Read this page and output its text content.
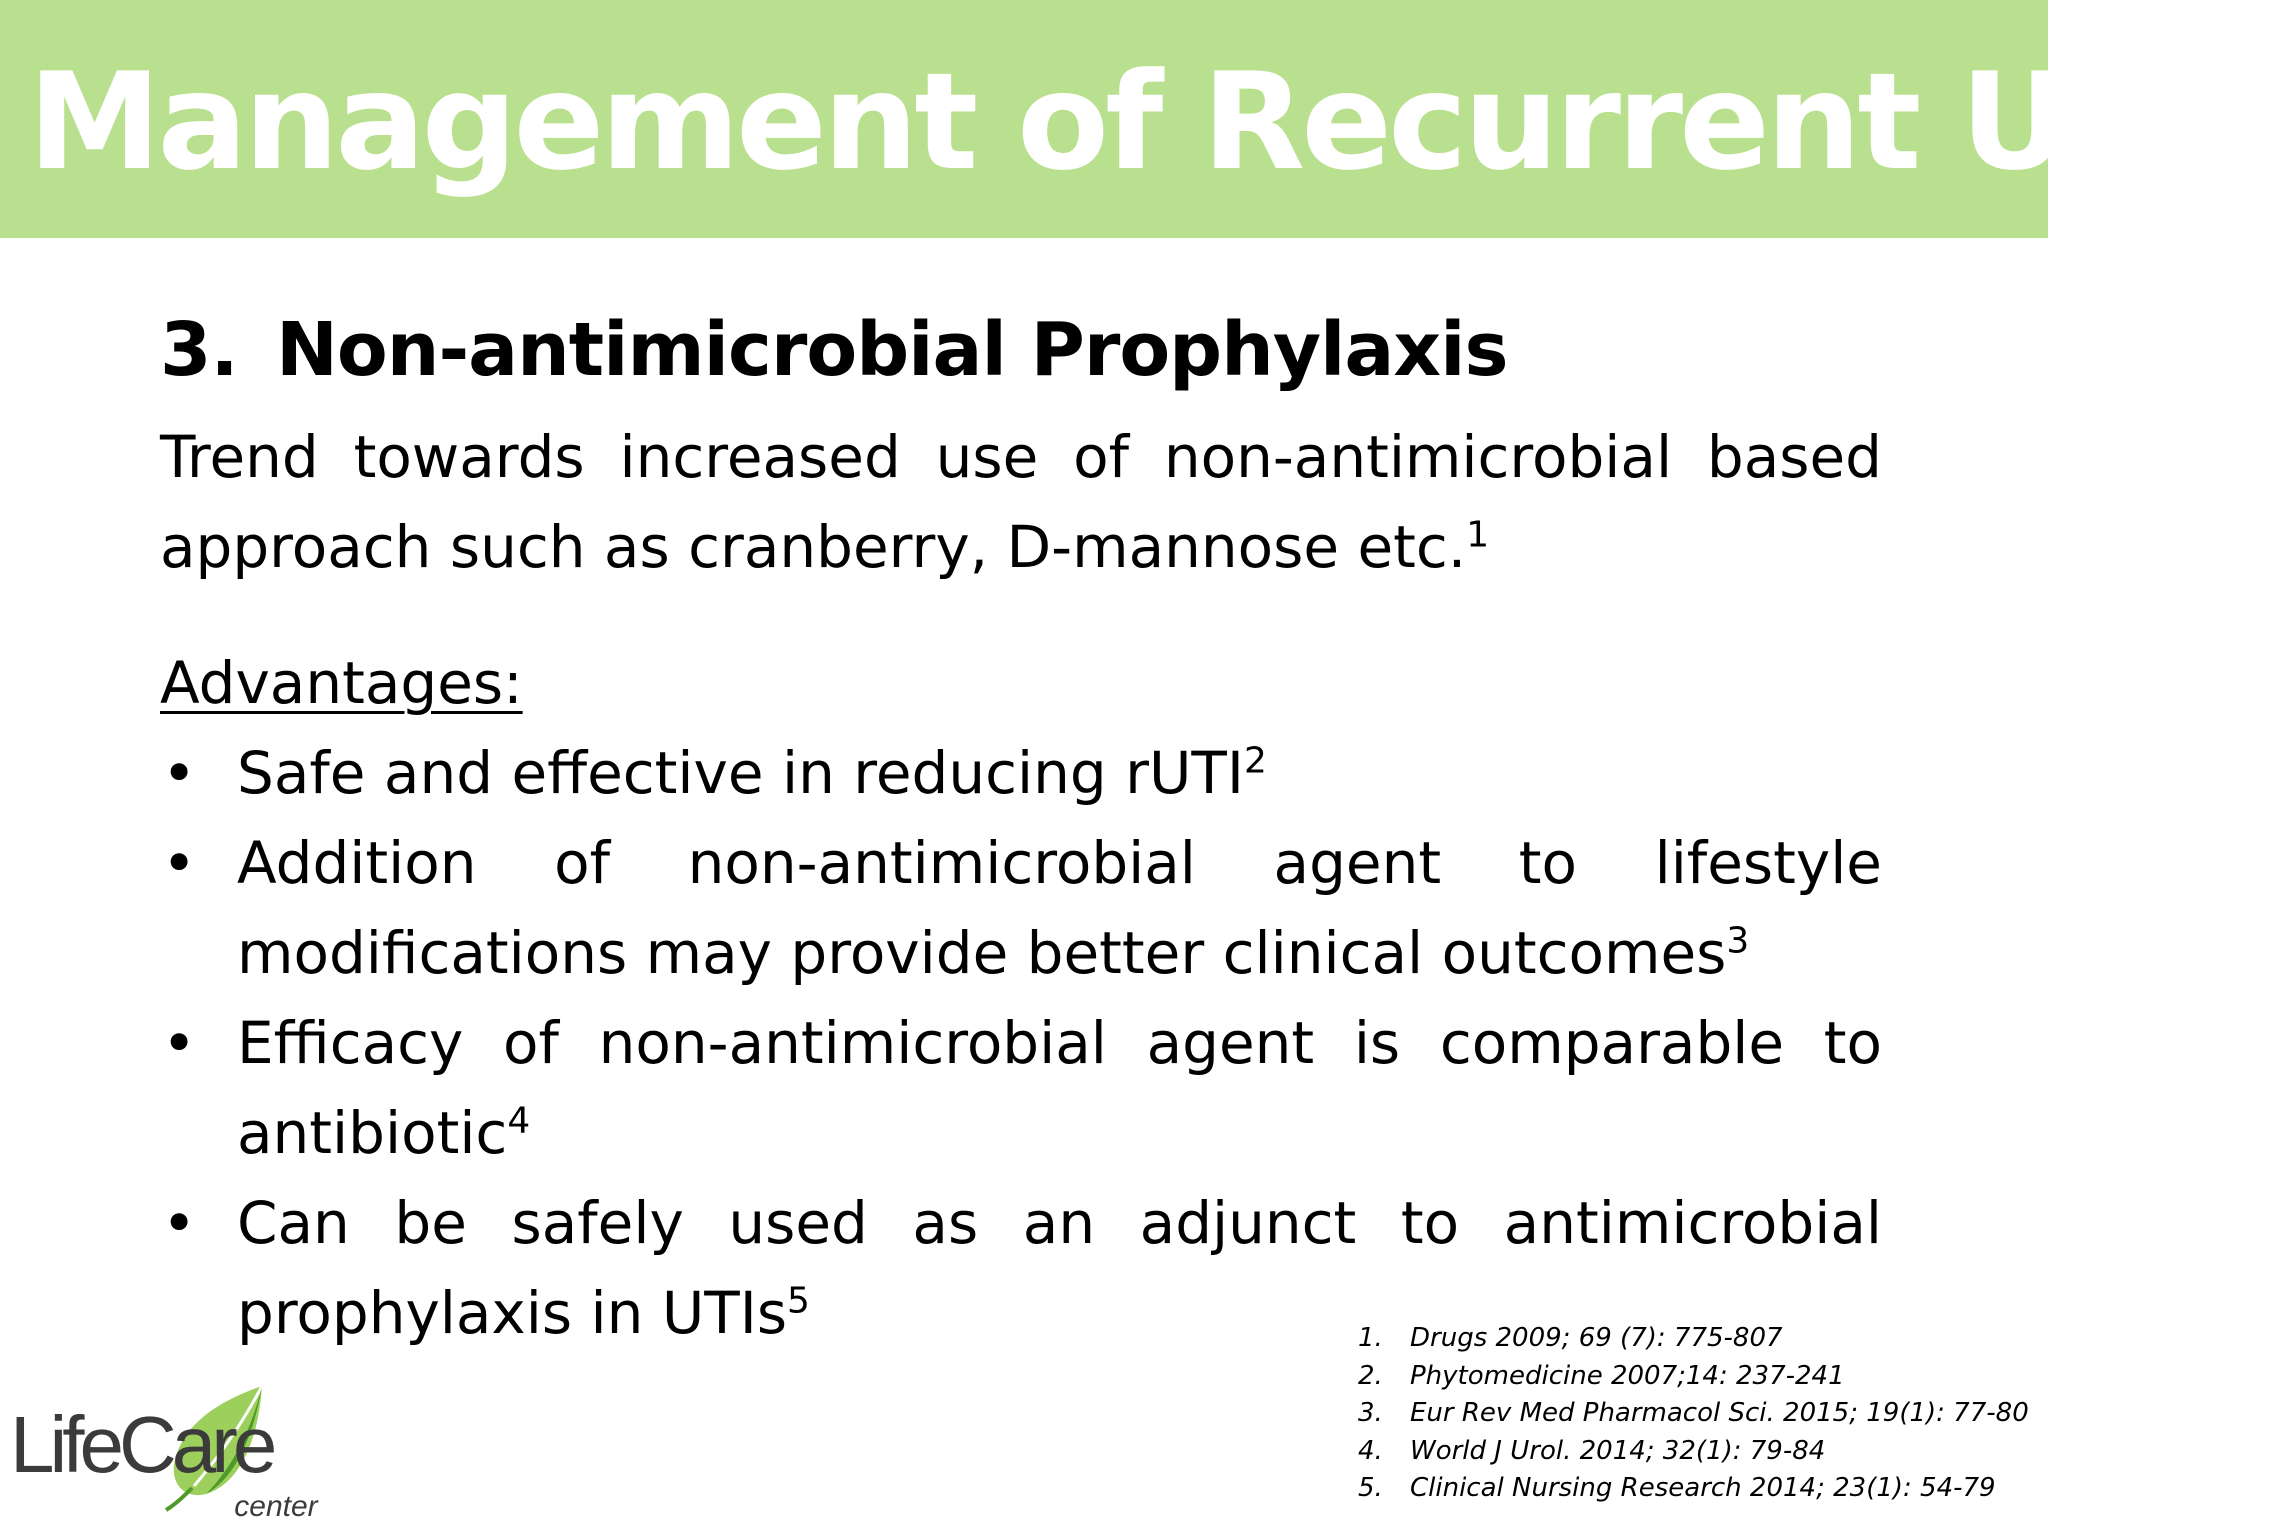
Management of Recurrent UTIs
3. Non-antimicrobial Prophylaxis
Trend towards increased use of non-antimicrobial based approach such as cranberry, D-mannose etc.$^1$
Advantages:
• Safe and effective in reducing rUTI$^2$
• Addition of non-antimicrobial agent to lifestyle modifications may provide better clinical outcomes$^3$
• Efficacy of non-antimicrobial agent is comparable to antibiotic$^4$
• Can be safely used as an adjunct to antimicrobial prophylaxis in UTIs$^5$
1.	Drugs 2009; 69 (7): 775-807
2.	Phytomedicine 2007;14: 237-241
3.	Eur Rev Med Pharmacol Sci. 2015; 19(1): 77-80
4.	World J Urol. 2014; 32(1): 79-84
5.	Clinical Nursing Research 2014; 23(1): 54-79
LifeCare
center
